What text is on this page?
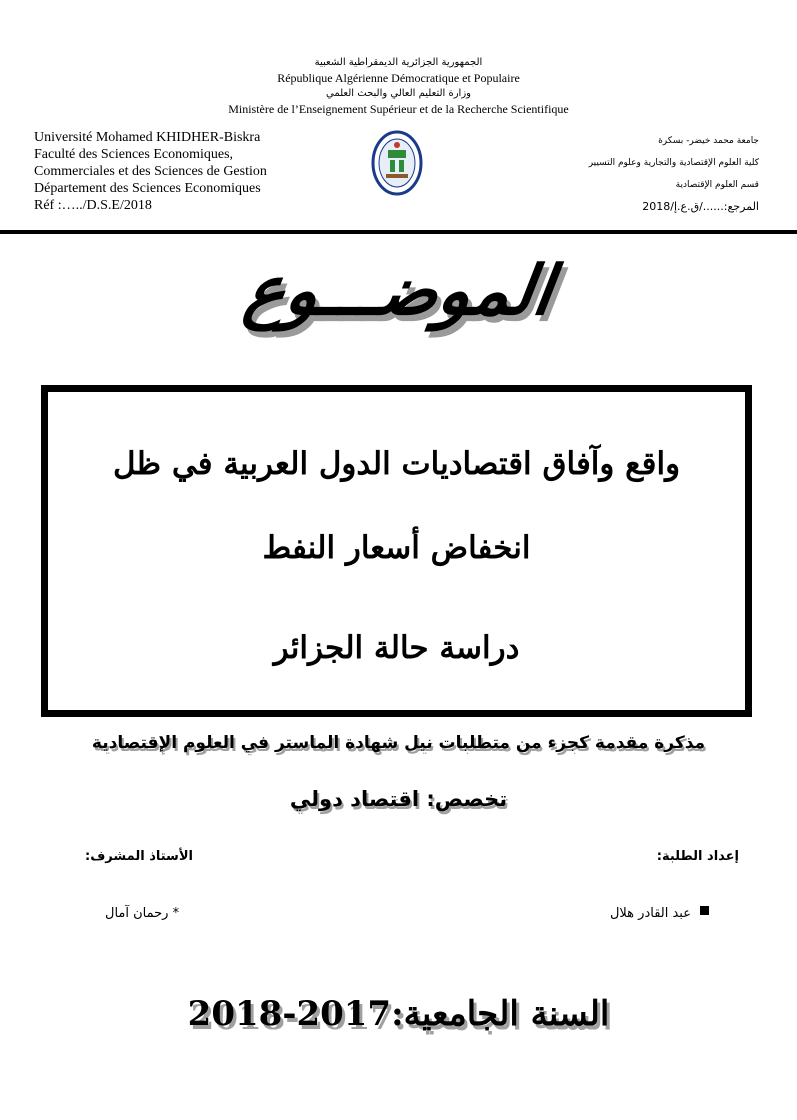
الجمهورية الجزائرية الديمقراطية الشعبية
République Algérienne Démocratique et Populaire
وزارة التعليم العالي والبحث العلمي
Ministère de l’Enseignement Supérieur et de la Recherche Scientifique
Université Mohamed KHIDHER-Biskra
Faculté des Sciences Economiques,
Commerciales et des Sciences de Gestion
Département des Sciences Economiques
Réf :…../D.S.E/2018
جامعة محمد خيضر- بسكرة
كلية العلوم الإقتصادية والتجارية وعلوم التسيير
قسم العلوم الإقتصادية
المرجع:....../ق.ع.إ/2018
الموضـــوع
واقع وآفاق اقتصاديات الدول العربية في ظل
انخفاض أسعار النفط
دراسة حالة الجزائر
مذكرة مقدمة كجزء من متطلبات نيل شهادة الماستر في العلوم الإقتصادية
تخصص: اقتصاد دولي
إعداد الطلبة:
الأستاذ المشرف:
عبد القادر هلال
* رحمان آمال
السنة الجامعية:2017-2018
